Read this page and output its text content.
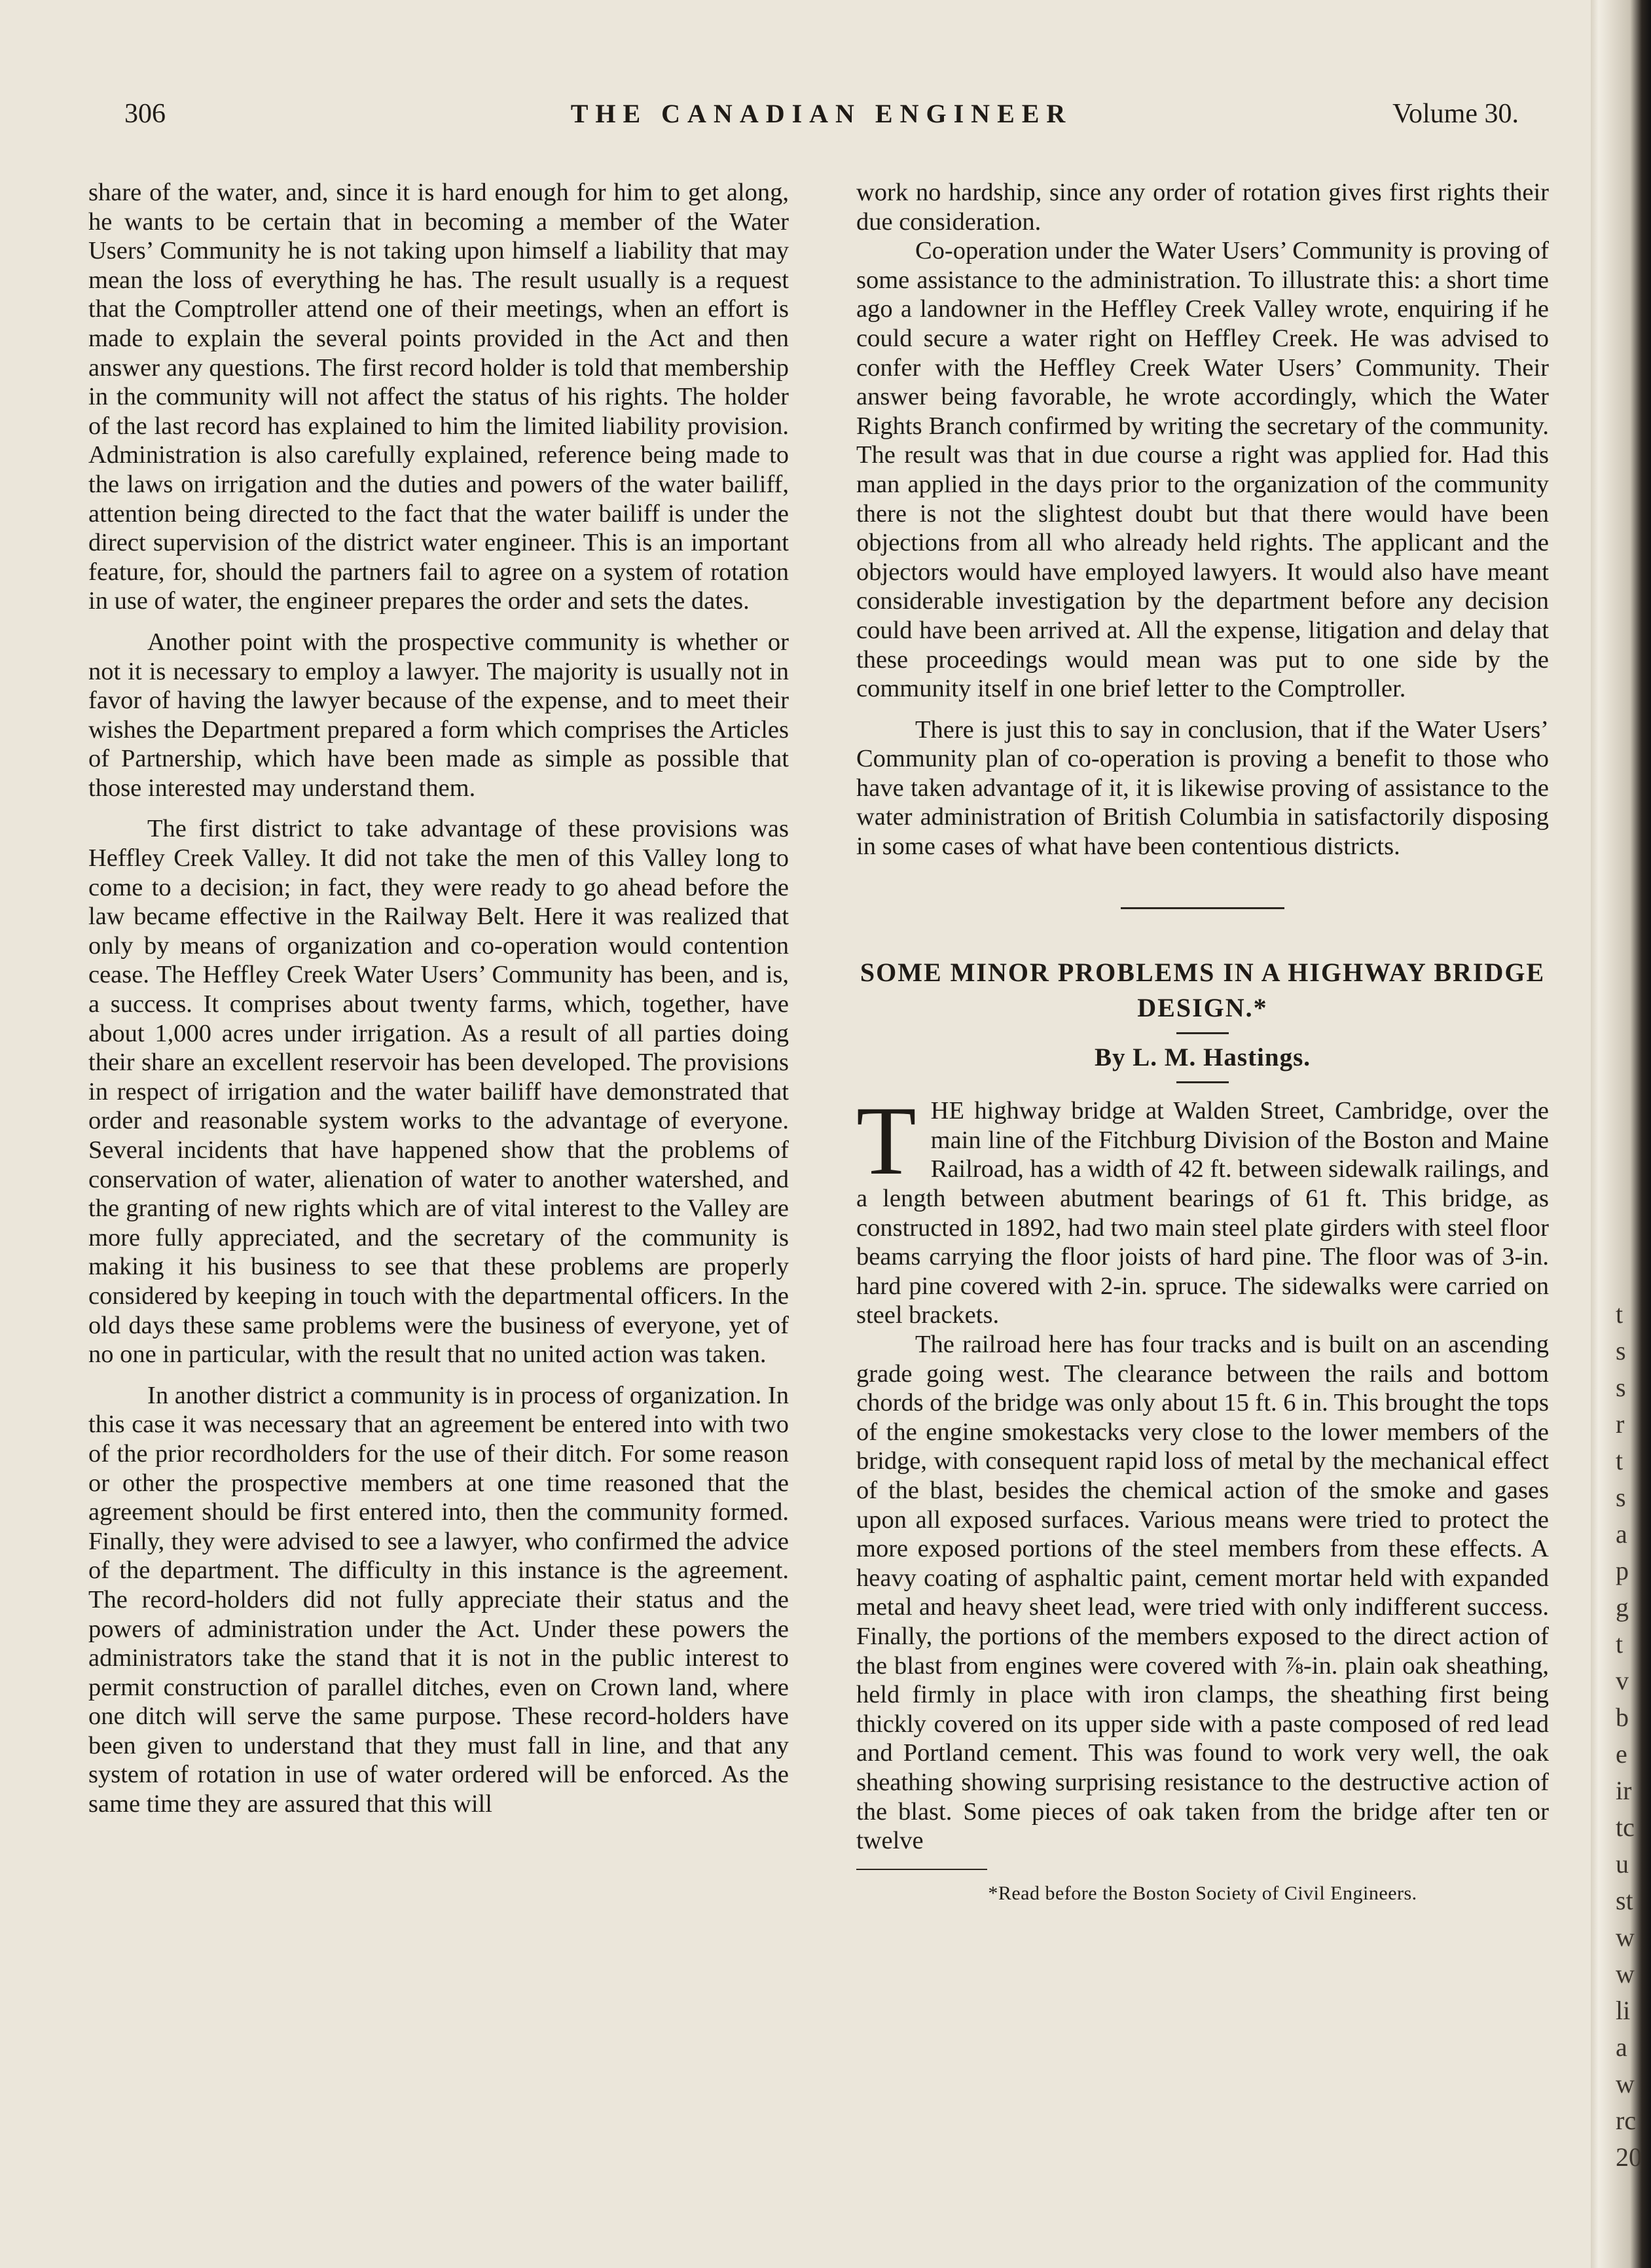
306	THE CANADIAN ENGINEER	Volume 30.

share of the water, and, since it is hard enough for him to get along, he wants to be certain that in becoming a member of the Water Users’ Community he is not taking upon himself a liability that may mean the loss of everything he has. The result usually is a request that the Comptroller attend one of their meetings, when an effort is made to explain the several points provided in the Act and then answer any questions. The first record holder is told that membership in the community will not affect the status of his rights. The holder of the last record has explained to him the limited liability provision. Administration is also carefully explained, reference being made to the laws on irrigation and the duties and powers of the water bailiff, attention being directed to the fact that the water bailiff is under the direct supervision of the district water engineer. This is an important feature, for, should the partners fail to agree on a system of rotation in use of water, the engineer prepares the order and sets the dates.

Another point with the prospective community is whether or not it is necessary to employ a lawyer. The majority is usually not in favor of having the lawyer because of the expense, and to meet their wishes the Department prepared a form which comprises the Articles of Partnership, which have been made as simple as possible that those interested may understand them.

The first district to take advantage of these provisions was Heffley Creek Valley. It did not take the men of this Valley long to come to a decision; in fact, they were ready to go ahead before the law became effective in the Railway Belt. Here it was realized that only by means of organization and co-operation would contention cease. The Heffley Creek Water Users’ Community has been, and is, a success. It comprises about twenty farms, which, together, have about 1,000 acres under irrigation. As a result of all parties doing their share an excellent reservoir has been developed. The provisions in respect of irrigation and the water bailiff have demonstrated that order and reasonable system works to the advantage of everyone. Several incidents that have happened show that the problems of conservation of water, alienation of water to another watershed, and the granting of new rights which are of vital interest to the Valley are more fully appreciated, and the secretary of the community is making it his business to see that these problems are properly considered by keeping in touch with the departmental officers. In the old days these same problems were the business of everyone, yet of no one in particular, with the result that no united action was taken.

In another district a community is in process of organization. In this case it was necessary that an agreement be entered into with two of the prior recordholders for the use of their ditch. For some reason or other the prospective members at one time reasoned that the agreement should be first entered into, then the community formed. Finally, they were advised to see a lawyer, who confirmed the advice of the department. The difficulty in this instance is the agreement. The record-holders did not fully appreciate their status and the powers of administration under the Act. Under these powers the administrators take the stand that it is not in the public interest to permit construction of parallel ditches, even on Crown land, where one ditch will serve the same purpose. These record-holders have been given to understand that they must fall in line, and that any system of rotation in use of water ordered will be enforced. As the same time they are assured that this will

work no hardship, since any order of rotation gives first rights their due consideration.

Co-operation under the Water Users’ Community is proving of some assistance to the administration. To illustrate this: a short time ago a landowner in the Heffley Creek Valley wrote, enquiring if he could secure a water right on Heffley Creek. He was advised to confer with the Heffley Creek Water Users’ Community. Their answer being favorable, he wrote accordingly, which the Water Rights Branch confirmed by writing the secretary of the community. The result was that in due course a right was applied for. Had this man applied in the days prior to the organization of the community there is not the slightest doubt but that there would have been objections from all who already held rights. The applicant and the objectors would have employed lawyers. It would also have meant considerable investigation by the department before any decision could have been arrived at. All the expense, litigation and delay that these proceedings would mean was put to one side by the community itself in one brief letter to the Comptroller.

There is just this to say in conclusion, that if the Water Users’ Community plan of co-operation is proving a benefit to those who have taken advantage of it, it is likewise proving of assistance to the water administration of British Columbia in satisfactorily disposing in some cases of what have been contentious districts.

SOME MINOR PROBLEMS IN A HIGHWAY BRIDGE DESIGN.*

By L. M. Hastings.

THE highway bridge at Walden Street, Cambridge, over the main line of the Fitchburg Division of the Boston and Maine Railroad, has a width of 42 ft. between sidewalk railings, and a length between abutment bearings of 61 ft. This bridge, as constructed in 1892, had two main steel plate girders with steel floor beams carrying the floor joists of hard pine. The floor was of 3-in. hard pine covered with 2-in. spruce. The sidewalks were carried on steel brackets.

The railroad here has four tracks and is built on an ascending grade going west. The clearance between the rails and bottom chords of the bridge was only about 15 ft. 6 in. This brought the tops of the engine smokestacks very close to the lower members of the bridge, with consequent rapid loss of metal by the mechanical effect of the blast, besides the chemical action of the smoke and gases upon all exposed surfaces. Various means were tried to protect the more exposed portions of the steel members from these effects. A heavy coating of asphaltic paint, cement mortar held with expanded metal and heavy sheet lead, were tried with only indifferent success. Finally, the portions of the members exposed to the direct action of the blast from engines were covered with ⅞-in. plain oak sheathing, held firmly in place with iron clamps, the sheathing first being thickly covered on its upper side with a paste composed of red lead and Portland cement. This was found to work very well, the oak sheathing showing surprising resistance to the destructive action of the blast. Some pieces of oak taken from the bridge after ten or twelve

*Read before the Boston Society of Civil Engineers.

t
s
s
r
t
s
a
p
g
t
v
b
e
ir
tc
u
st
w
w
li
a
w
rc
20
